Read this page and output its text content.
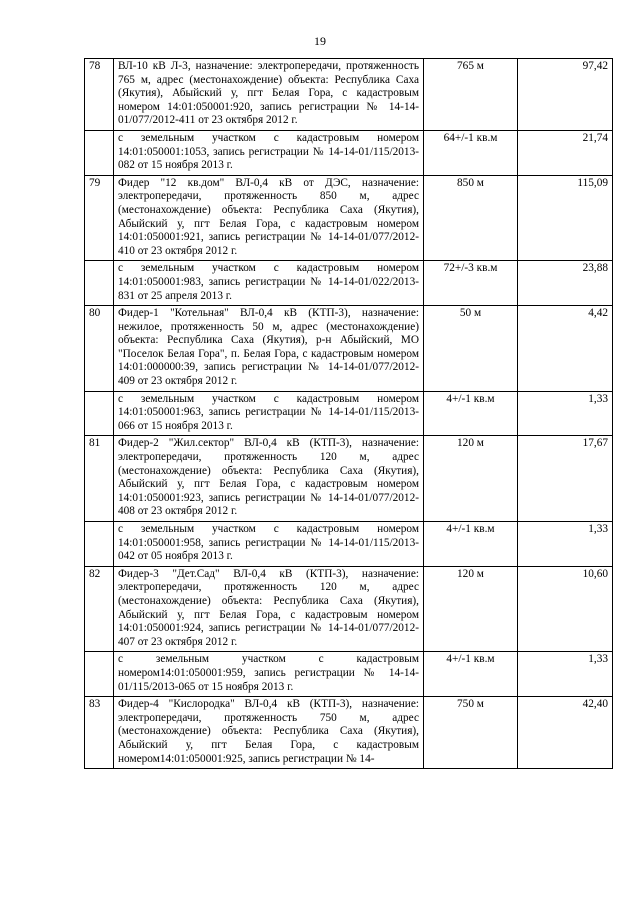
19
78	ВЛ-10 кВ Л-3, назначение: электропередачи, протяженность 765 м, адрес (местонахождение) объекта: Республика Саха (Якутия), Абыйский у, пгт Белая Гора, с кадастровым номером 14:01:050001:920, запись регистрации № 14-14-01/077/2012-411 от 23 октября 2012 г.	765 м	97,42
	с земельным участком с кадастровым номером 14:01:050001:1053, запись регистрации № 14-14-01/115/2013-082 от 15 ноября 2013 г.	64+/-1 кв.м	21,74
79	Фидер "12 кв.дом" ВЛ-0,4 кВ от ДЭС, назначение: электропередачи, протяженность 850 м, адрес (местонахождение) объекта: Республика Саха (Якутия), Абыйский у, пгт Белая Гора, с кадастровым номером 14:01:050001:921, запись регистрации № 14-14-01/077/2012-410 от 23 октября 2012 г.	850 м	115,09
	с земельным участком с кадастровым номером 14:01:050001:983, запись регистрации № 14-14-01/022/2013-831 от 25 апреля 2013 г.	72+/-3 кв.м	23,88
80	Фидер-1 "Котельная" ВЛ-0,4 кВ (КТП-3), назначение: нежилое, протяженность 50 м, адрес (местонахождение) объекта: Республика Саха (Якутия), р-н Абыйский, МО "Поселок Белая Гора", п. Белая Гора, с кадастровым номером 14:01:000000:39, запись регистрации № 14-14-01/077/2012-409 от 23 октября 2012 г.	50 м	4,42
	с земельным участком с кадастровым номером 14:01:050001:963, запись регистрации № 14-14-01/115/2013-066 от 15 ноября 2013 г.	4+/-1 кв.м	1,33
81	Фидер-2 "Жил.сектор" ВЛ-0,4 кВ (КТП-3), назначение: электропередачи, протяженность 120 м, адрес (местонахождение) объекта: Республика Саха (Якутия), Абыйский у, пгт Белая Гора, с кадастровым номером 14:01:050001:923, запись регистрации № 14-14-01/077/2012-408 от 23 октября 2012 г.	120 м	17,67
	с земельным участком с кадастровым номером 14:01:050001:958, запись регистрации № 14-14-01/115/2013-042 от 05 ноября 2013 г.	4+/-1 кв.м	1,33
82	Фидер-3 "Дет.Сад" ВЛ-0,4 кВ (КТП-3), назначение: электропередачи, протяженность 120 м, адрес (местонахождение) объекта: Республика Саха (Якутия), Абыйский у, пгт Белая Гора, с кадастровым номером 14:01:050001:924, запись регистрации № 14-14-01/077/2012-407 от 23 октября 2012 г.	120 м	10,60
	с земельным участком с кадастровым номером14:01:050001:959, запись регистрации № 14-14-01/115/2013-065 от 15 ноября 2013 г.	4+/-1 кв.м	1,33
83	Фидер-4 "Кислородка" ВЛ-0,4 кВ (КТП-3), назначение: электропередачи, протяженность 750 м, адрес (местонахождение) объекта: Республика Саха (Якутия), Абыйский у, пгт Белая Гора, с кадастровым номером14:01:050001:925, запись регистрации № 14-	750 м	42,40
